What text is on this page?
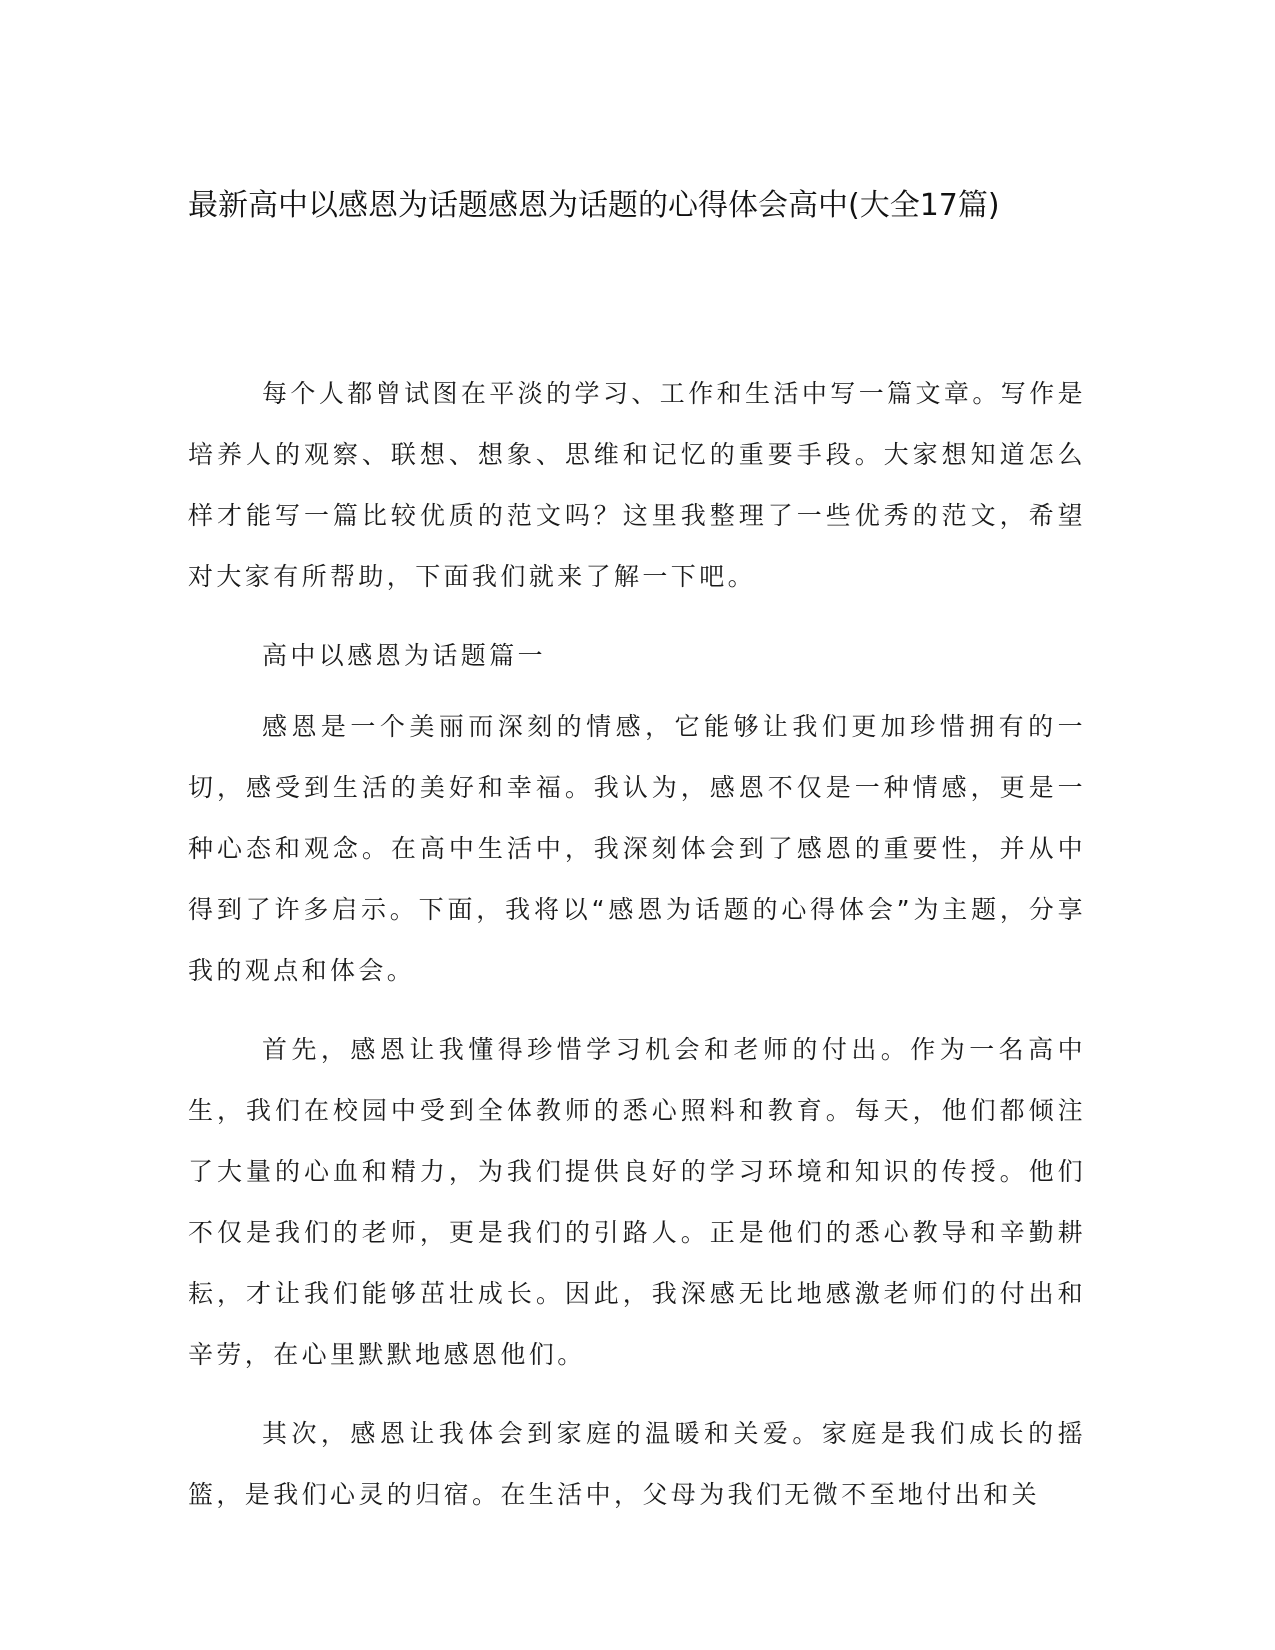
最新高中以感恩为话题感恩为话题的心得体会高中(大全17篇)

每个人都曾试图在平淡的学习、工作和生活中写一篇文章。写作是培养人的观察、联想、想象、思维和记忆的重要手段。大家想知道怎么样才能写一篇比较优质的范文吗？这里我整理了一些优秀的范文，希望对大家有所帮助，下面我们就来了解一下吧。

高中以感恩为话题篇一

感恩是一个美丽而深刻的情感，它能够让我们更加珍惜拥有的一切，感受到生活的美好和幸福。我认为，感恩不仅是一种情感，更是一种心态和观念。在高中生活中，我深刻体会到了感恩的重要性，并从中得到了许多启示。下面，我将以“感恩为话题的心得体会”为主题，分享我的观点和体会。

首先，感恩让我懂得珍惜学习机会和老师的付出。作为一名高中生，我们在校园中受到全体教师的悉心照料和教育。每天，他们都倾注了大量的心血和精力，为我们提供良好的学习环境和知识的传授。他们不仅是我们的老师，更是我们的引路人。正是他们的悉心教导和辛勤耕耘，才让我们能够茁壮成长。因此，我深感无比地感激老师们的付出和辛劳，在心里默默地感恩他们。

其次，感恩让我体会到家庭的温暖和关爱。家庭是我们成长的摇篮，是我们心灵的归宿。在生活中，父母为我们无微不至地付出和关
